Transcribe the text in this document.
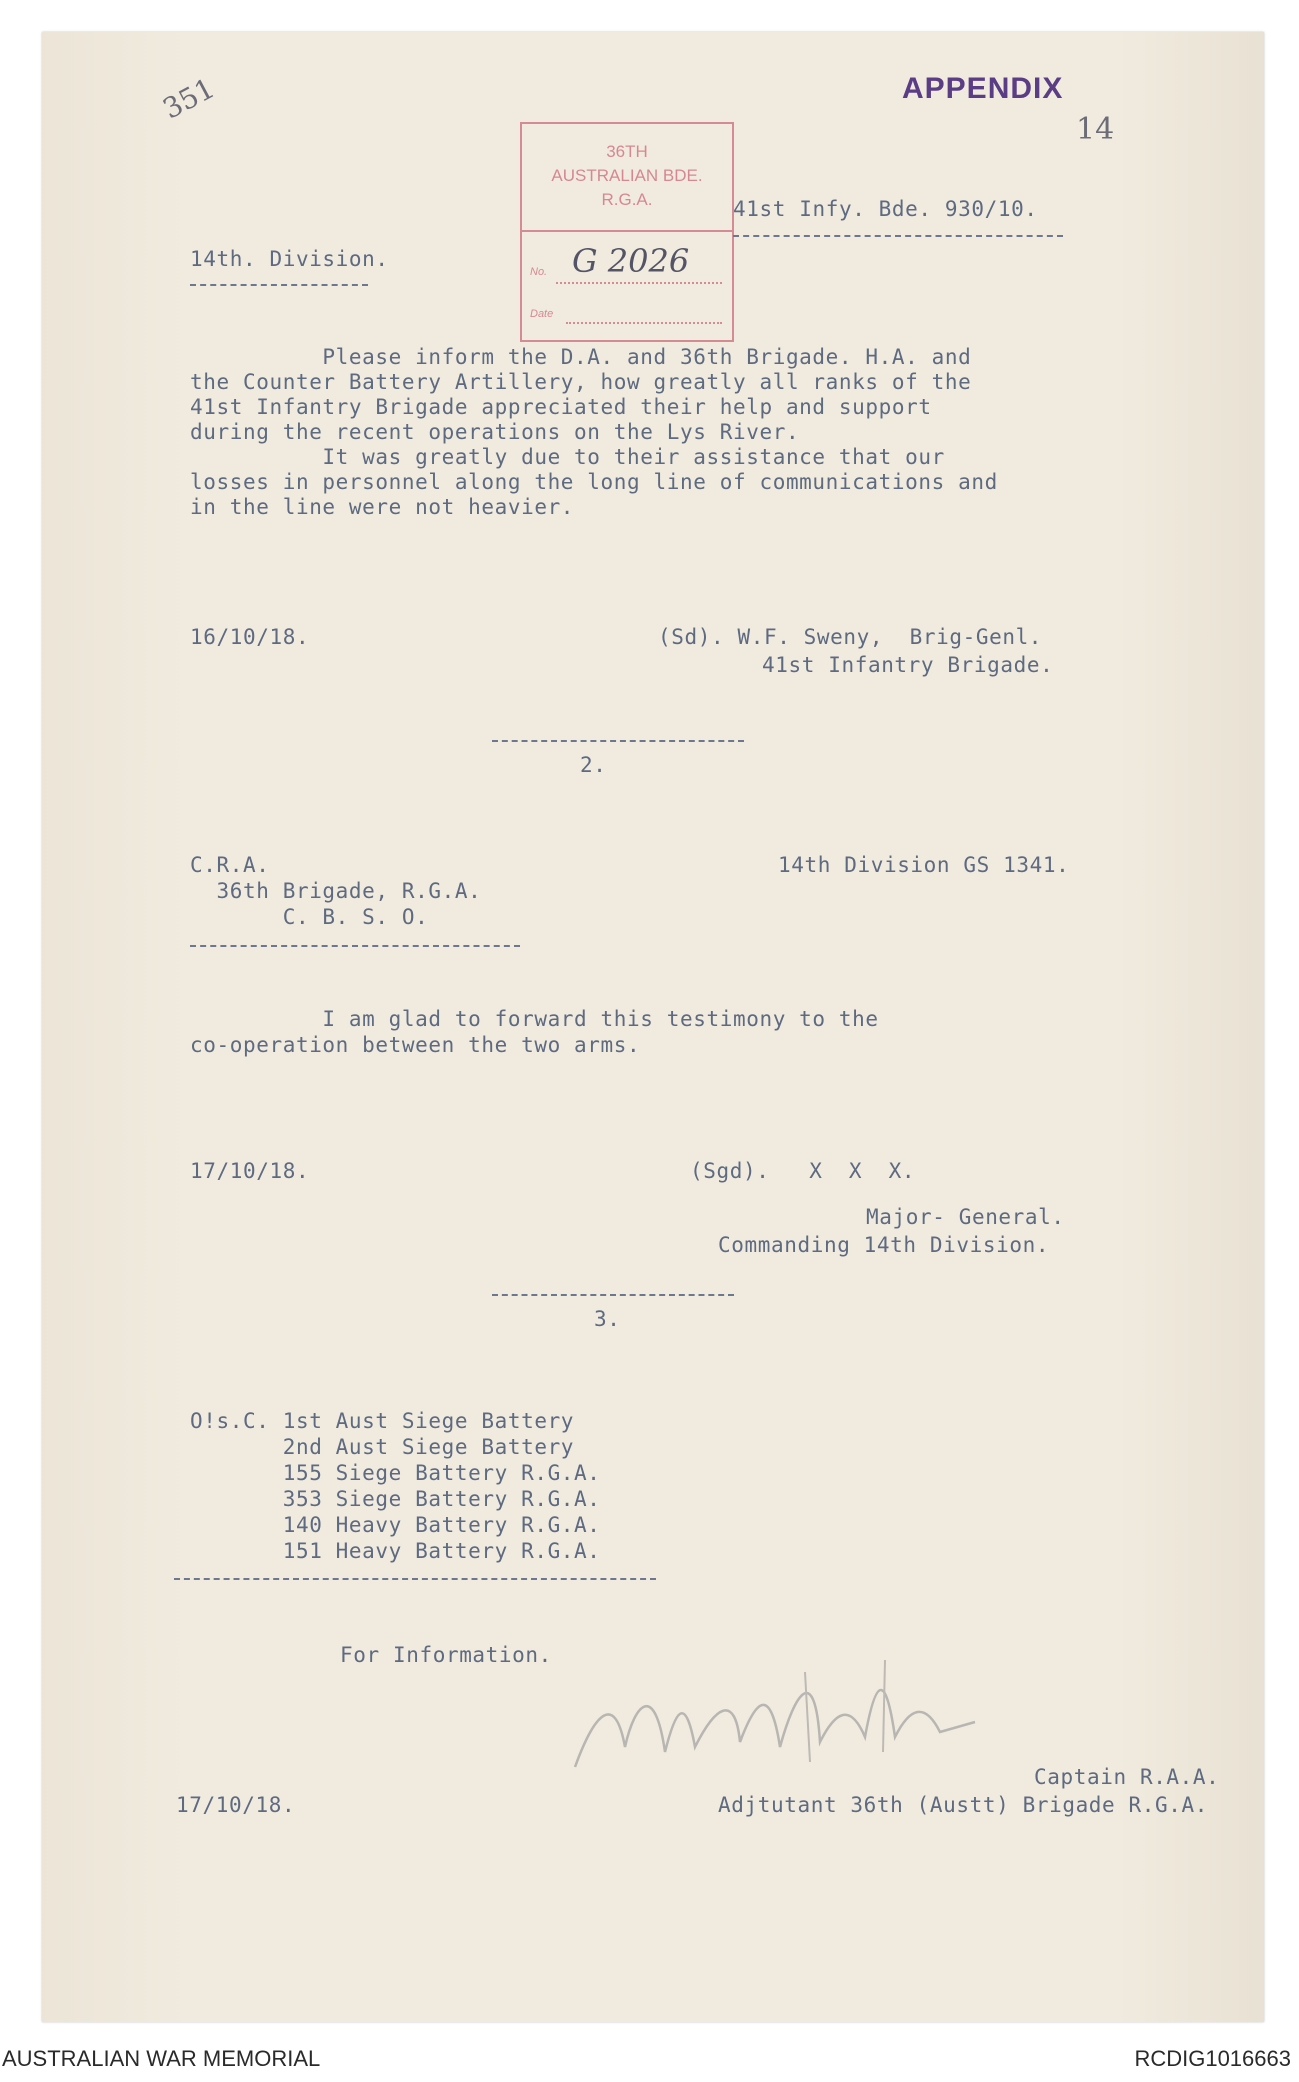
351
14
APPENDIX
36TH
AUSTRALIAN BDE.
R.G.A.
No. G 2026
Date
41st Infy. Bde. 930/10.
14th. Division.
Please inform the D.A. and 36th Brigade. H.A. and
the Counter Battery Artillery, how greatly all ranks of the
41st Infantry Brigade appreciated their help and support
during the recent operations on the Lys River.
It was greatly due to their assistance that our
losses in personnel along the long line of communications and
in the line were not heavier.
16/10/18.	(Sd). W.F. Sweny,  Brig-Genl.
41st Infantry Brigade.
2.
C.R.A.
36th Brigade, R.G.A.
C. B. S. O.
14th Division GS 1341.
I am glad to forward this testimony to the
co-operation between the two arms.
17/10/18.	(Sgd).   X  X  X.
Major- General.
Commanding 14th Division.
3.
O!s.C. 1st Aust Siege Battery
2nd Aust Siege Battery
155 Siege Battery R.G.A.
353 Siege Battery R.G.A.
140 Heavy Battery R.G.A.
151 Heavy Battery R.G.A.
For Information.
Captain R.A.A.
17/10/18.	Adjtutant 36th (Austt) Brigade R.G.A.
AUSTRALIAN WAR MEMORIAL	RCDIG1016663
